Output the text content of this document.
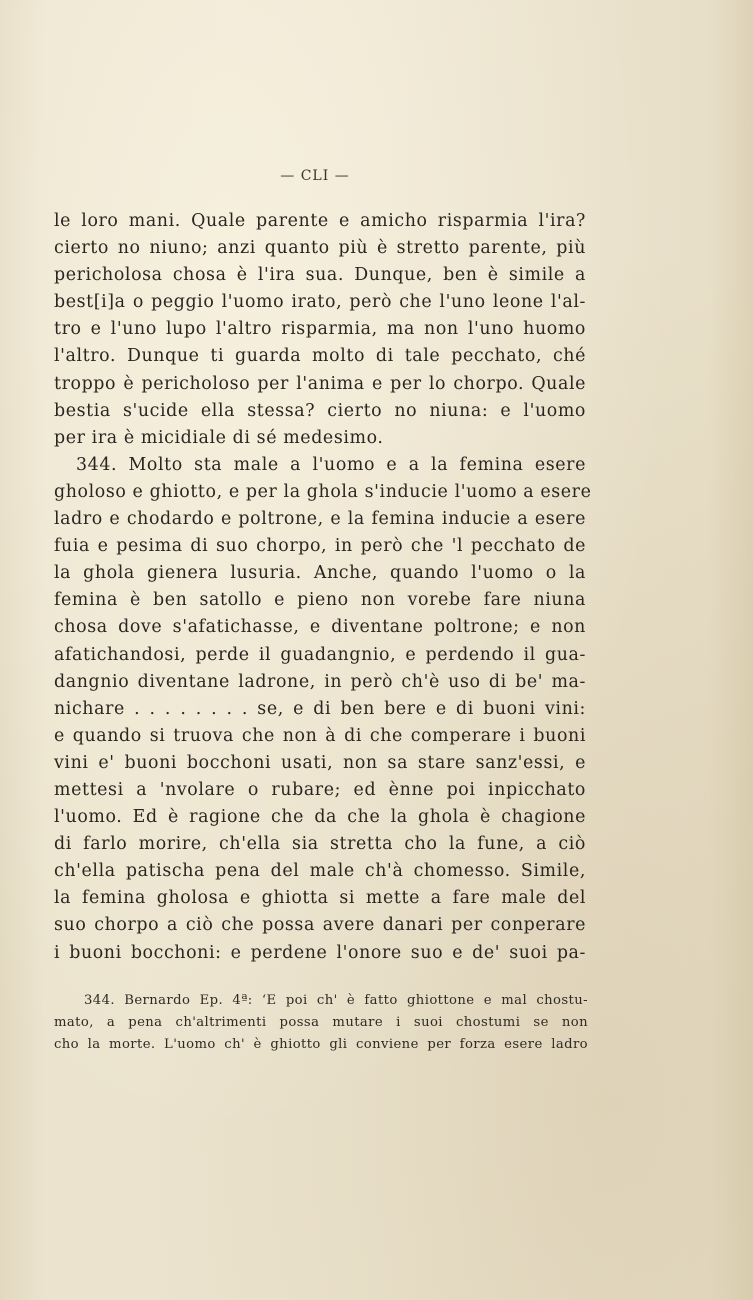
— CLI —
le loro mani. Quale parente e amicho risparmia l'ira?
cierto no niuno; anzi quanto più è stretto parente, più
pericholosa chosa è l'ira sua. Dunque, ben è simile a
best[i]a o peggio l'uomo irato, però che l'uno leone l'al-
tro e l'uno lupo l'altro risparmia, ma non l'uno huomo
l'altro. Dunque ti guarda molto di tale pecchato, ché
troppo è pericholoso per l'anima e per lo chorpo. Quale
bestia s'ucide ella stessa? cierto no niuna: e l'uomo
per ira è micidiale di sé medesimo.
344. Molto sta male a l'uomo e a la femina esere
gholoso e ghiotto, e per la ghola s'inducie l'uomo a esere
ladro e chodardo e poltrone, e la femina inducie a esere
fuia e pesima di suo chorpo, in però che 'l pecchato de
la ghola gienera lusuria. Anche, quando l'uomo o la
femina è ben satollo e pieno non vorebe fare niuna
chosa dove s'afatichasse, e diventane poltrone; e non
afatichandosi, perde il guadangnio, e perdendo il gua-
dangnio diventane ladrone, in però ch'è uso di be' ma-
nichare . . . . . . . . se, e di ben bere e di buoni vini:
e quando si truova che non à di che comperare i buoni
vini e' buoni bocchoni usati, non sa stare sanz'essi, e
mettesi a 'nvolare o rubare; ed ènne poi inpicchato
l'uomo. Ed è ragione che da che la ghola è chagione
di farlo morire, ch'ella sia stretta cho la fune, a ciò
ch'ella patischa pena del male ch'à chomesso. Simile,
la femina gholosa e ghiotta si mette a fare male del
suo chorpo a ciò che possa avere danari per conperare
i buoni bocchoni: e perdene l'onore suo e de' suoi pa-
344. Bernardo Ep. 4ª: ‘E poi ch' è fatto ghiottone e mal chostu-
mato, a pena ch'altrimenti possa mutare i suoi chostumi se non
cho la morte. L'uomo ch' è ghiotto gli conviene per forza esere ladro
